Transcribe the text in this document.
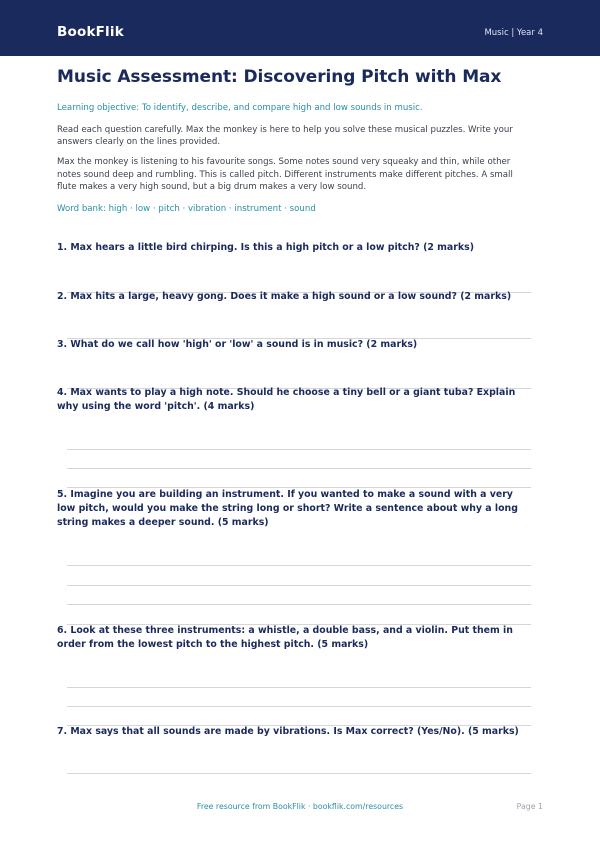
BookFlik	Music | Year 4
Music Assessment: Discovering Pitch with Max
Learning objective: To identify, describe, and compare high and low sounds in music.
Read each question carefully. Max the monkey is here to help you solve these musical puzzles. Write your answers clearly on the lines provided.
Max the monkey is listening to his favourite songs. Some notes sound very squeaky and thin, while other notes sound deep and rumbling. This is called pitch. Different instruments make different pitches. A small flute makes a very high sound, but a big drum makes a very low sound.
Word bank: high · low · pitch · vibration · instrument · sound
1. Max hears a little bird chirping. Is this a high pitch or a low pitch? (2 marks)
2. Max hits a large, heavy gong. Does it make a high sound or a low sound? (2 marks)
3. What do we call how 'high' or 'low' a sound is in music? (2 marks)
4. Max wants to play a high note. Should he choose a tiny bell or a giant tuba? Explain why using the word 'pitch'. (4 marks)
5. Imagine you are building an instrument. If you wanted to make a sound with a very low pitch, would you make the string long or short? Write a sentence about why a long string makes a deeper sound. (5 marks)
6. Look at these three instruments: a whistle, a double bass, and a violin. Put them in order from the lowest pitch to the highest pitch. (5 marks)
7. Max says that all sounds are made by vibrations. Is Max correct? (Yes/No). (5 marks)
Free resource from BookFlik · bookflik.com/resources	Page 1
